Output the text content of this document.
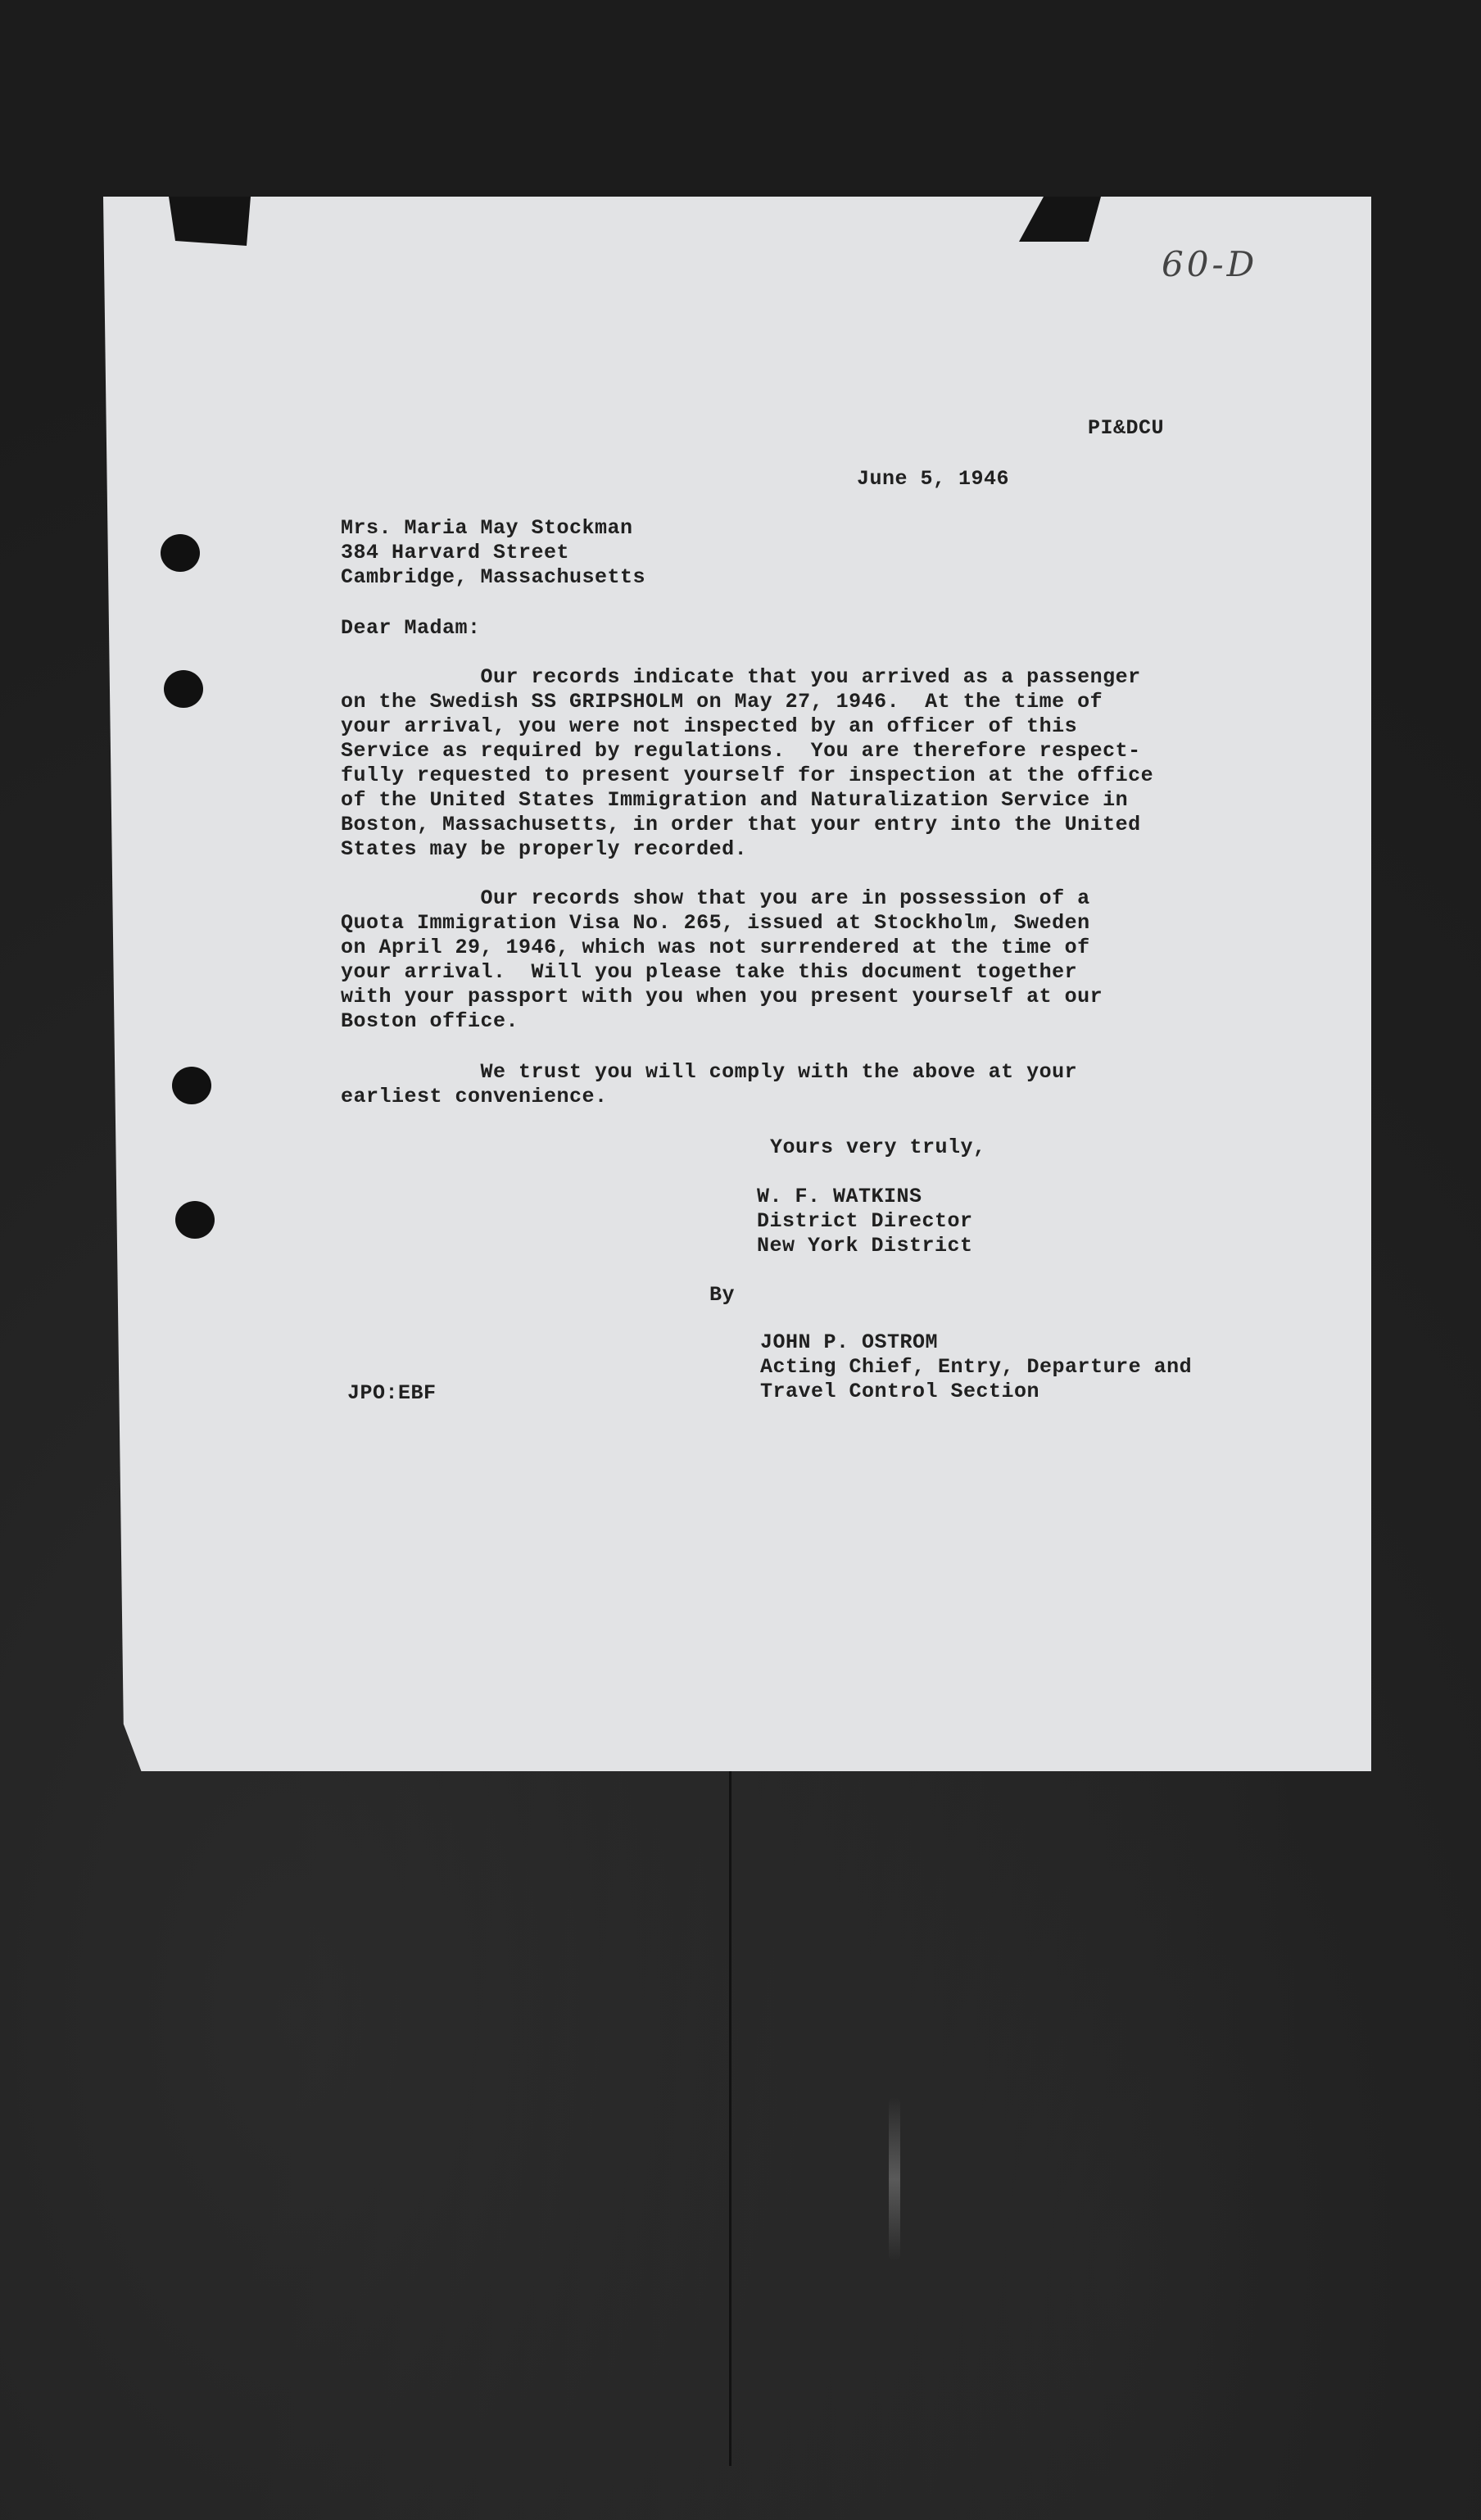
60-D
PI&DCU
June 5, 1946
Mrs. Maria May Stockman
384 Harvard Street
Cambridge, Massachusetts
Dear Madam:
Our records indicate that you arrived as a passenger
on the Swedish SS GRIPSHOLM on May 27, 1946.  At the time of
your arrival, you were not inspected by an officer of this
Service as required by regulations.  You are therefore respect-
fully requested to present yourself for inspection at the office
of the United States Immigration and Naturalization Service in
Boston, Massachusetts, in order that your entry into the United
States may be properly recorded.
Our records show that you are in possession of a
Quota Immigration Visa No. 265, issued at Stockholm, Sweden
on April 29, 1946, which was not surrendered at the time of
your arrival.  Will you please take this document together
with your passport with you when you present yourself at our
Boston office.
We trust you will comply with the above at your
earliest convenience.
Yours very truly,
W. F. WATKINS
District Director
New York District
By
JOHN P. OSTROM
Acting Chief, Entry, Departure and
Travel Control Section
JPO:EBF
